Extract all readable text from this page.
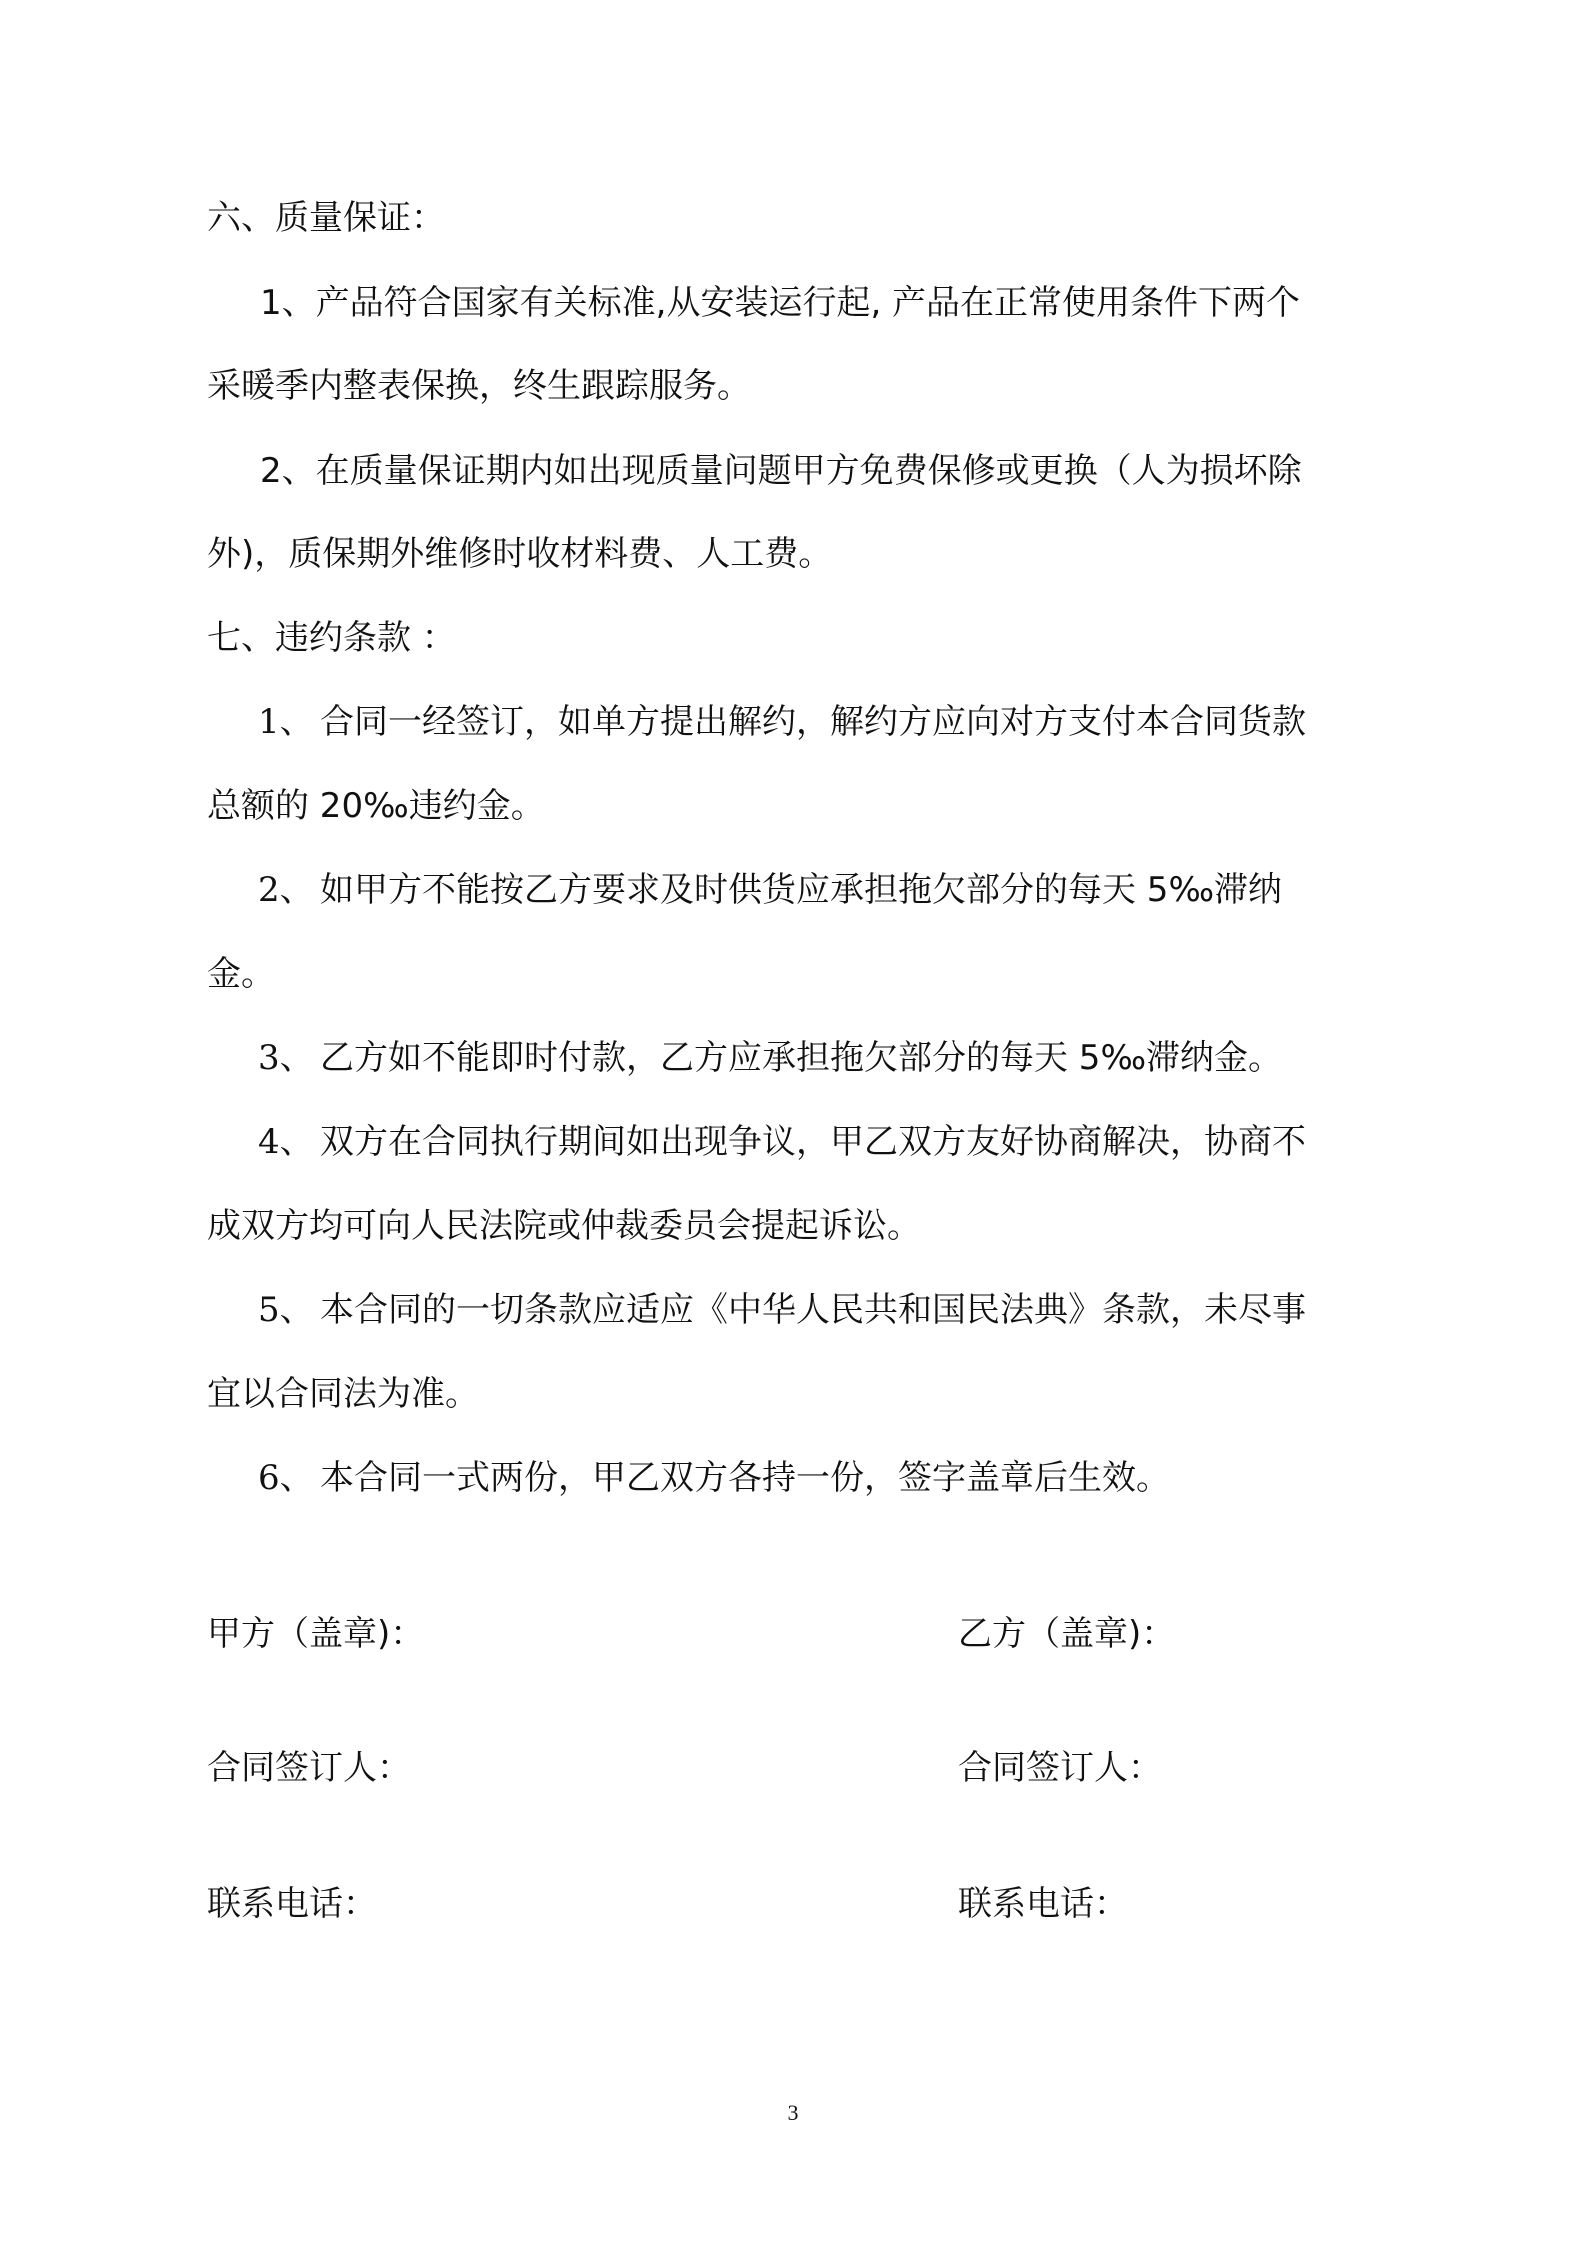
六、质量保证：
1、产品符合国家有关标准,从安装运行起, 产品在正常使用条件下两个
采暖季内整表保换，终生跟踪服务。
2、在质量保证期内如出现质量问题甲方免费保修或更换（人为损坏除
外)，质保期外维修时收材料费、人工费。
七、违约条款 ：
1、 合同一经签订，如单方提出解约，解约方应向对方支付本合同货款
总额的 20‰违约金。
2、 如甲方不能按乙方要求及时供货应承担拖欠部分的每天 5‰滞纳
金。
3、 乙方如不能即时付款，乙方应承担拖欠部分的每天 5‰滞纳金。
4、 双方在合同执行期间如出现争议，甲乙双方友好协商解决，协商不
成双方均可向人民法院或仲裁委员会提起诉讼。
5、 本合同的一切条款应适应《中华人民共和国民法典》条款，未尽事
宜以合同法为准。
6、 本合同一式两份，甲乙双方各持一份，签字盖章后生效。
甲方（盖章)：	乙方（盖章)：
合同签订人：	合同签订人：
联系电话：	联系电话：
3
